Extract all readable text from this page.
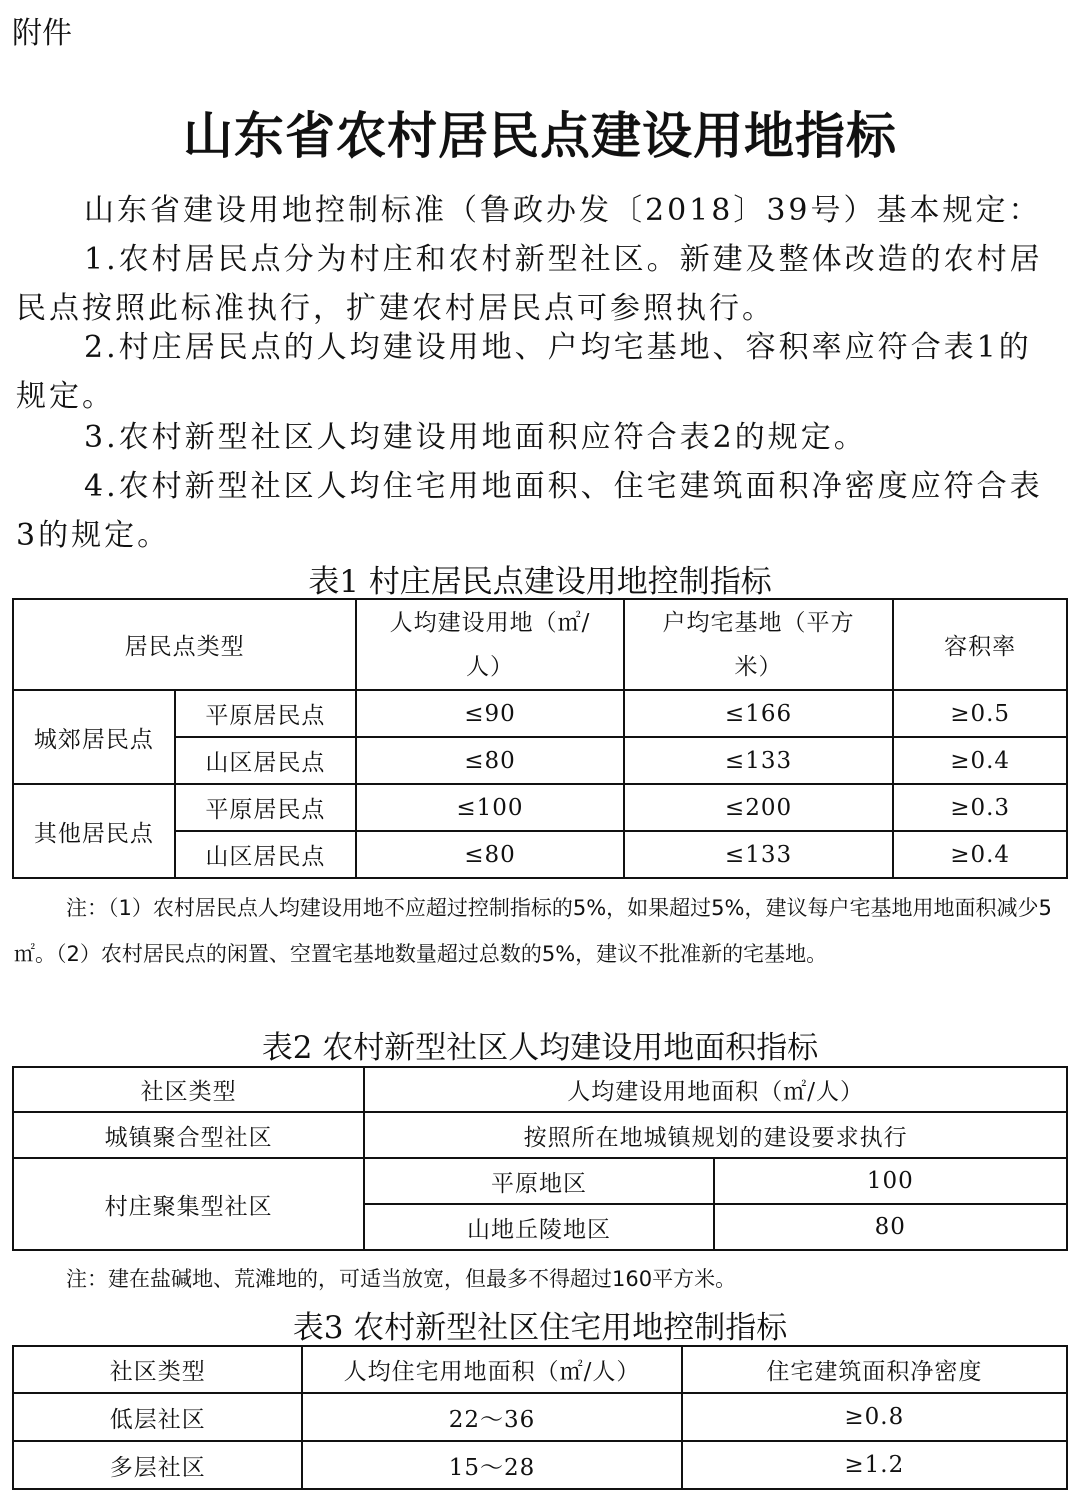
附件
山东省农村居民点建设用地指标

山东省建设用地控制标准（鲁政办发〔2018〕39号）基本规定：

1.农村居民点分为村庄和农村新型社区。新建及整体改造的农村居民点按照此标准执行，扩建农村居民点可参照执行。

2.村庄居民点的人均建设用地、户均宅基地、容积率应符合表1的规定。

3.农村新型社区人均建设用地面积应符合表2的规定。

4.农村新型社区人均住宅用地面积、住宅建筑面积净密度应符合表3的规定。

表1 村庄居民点建设用地控制指标

居民点类型		人均建设用地（㎡/人）	户均宅基地（平方米）	容积率
城郊居民点	平原居民点	≤90	≤166	≥0.5
	山区居民点	≤80	≤133	≥0.4
其他居民点	平原居民点	≤100	≤200	≥0.3
	山区居民点	≤80	≤133	≥0.4

注：（1）农村居民点人均建设用地不应超过控制指标的5%，如果超过5%，建议每户宅基地用地面积减少5㎡。（2）农村居民点的闲置、空置宅基地数量超过总数的5%，建议不批准新的宅基地。

表2 农村新型社区人均建设用地面积指标

社区类型	人均建设用地面积（㎡/人）	
城镇聚合型社区	按照所在地城镇规划的建设要求执行	
村庄聚集型社区	平原地区	100
	山地丘陵地区	80

注：建在盐碱地、荒滩地的，可适当放宽，但最多不得超过160平方米。

表3 农村新型社区住宅用地控制指标

社区类型	人均住宅用地面积（㎡/人）	住宅建筑面积净密度
低层社区	22～36	≥0.8
多层社区	15～28	≥1.2
